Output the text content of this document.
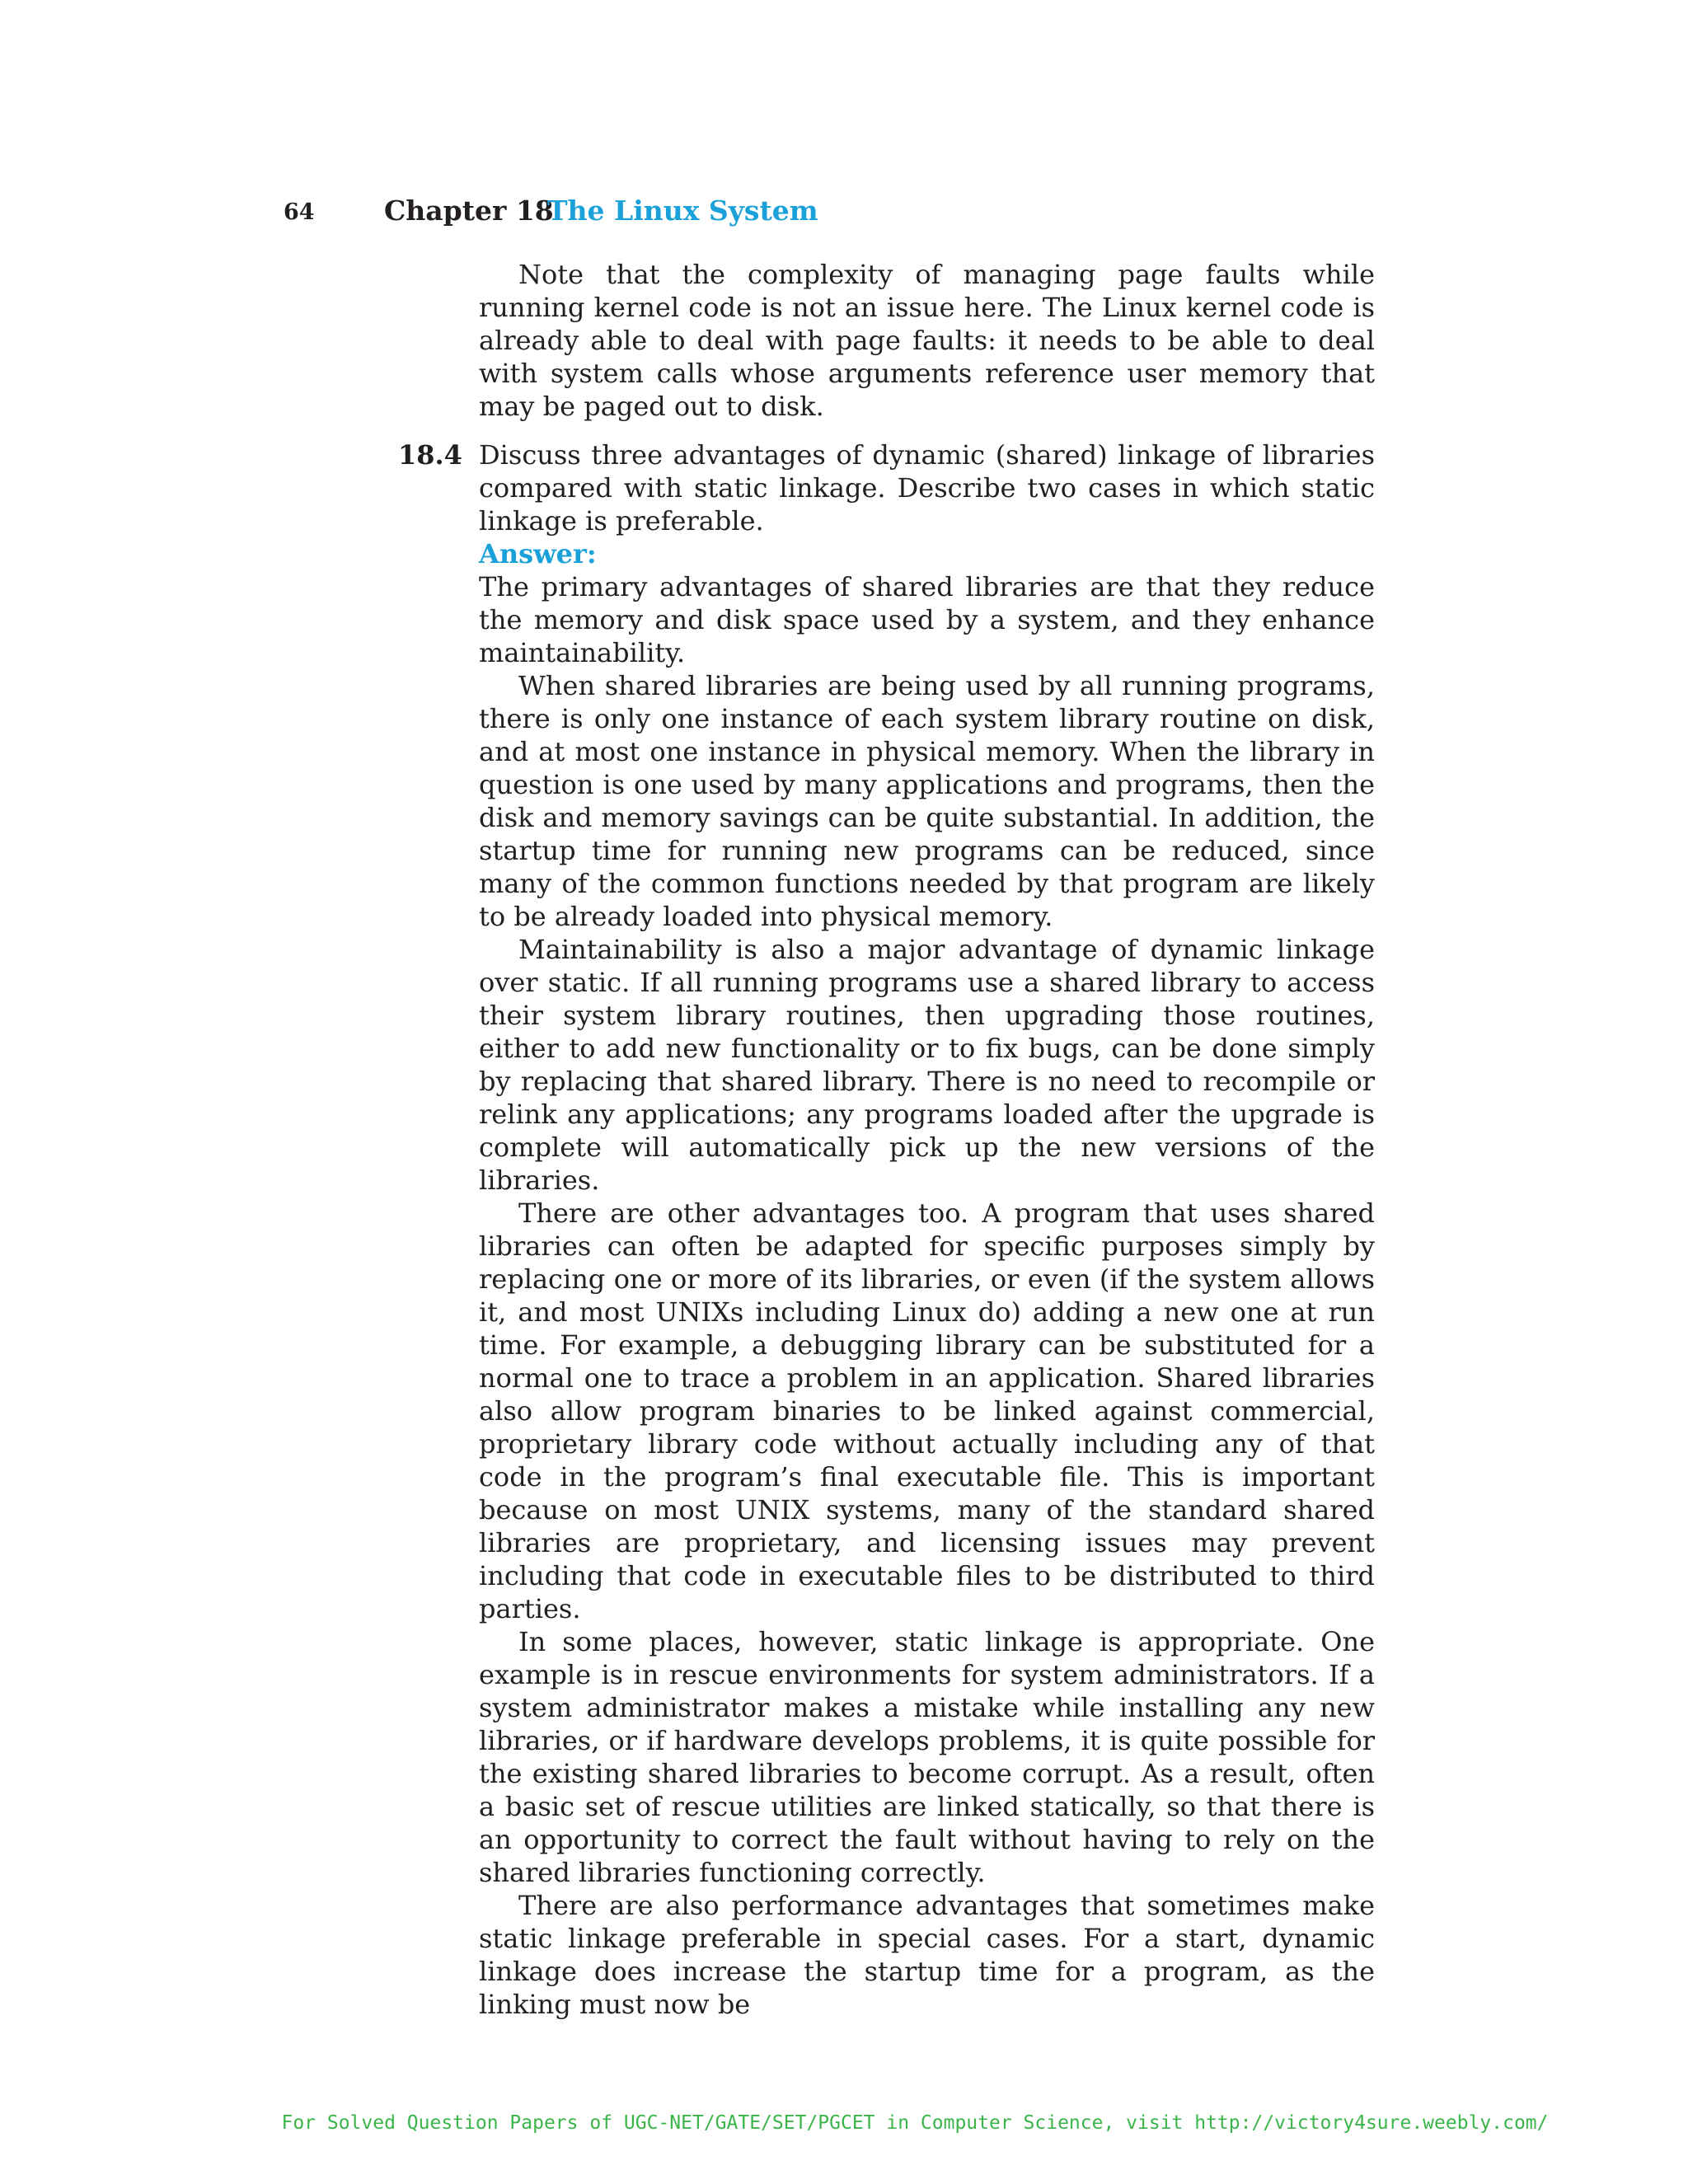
64	Chapter 18
The Linux System

Note that the complexity of managing page faults while running kernel code is not an issue here. The Linux kernel code is already able to deal with page faults: it needs to be able to deal with system calls whose arguments reference user memory that may be paged out to disk.

18.4 Discuss three advantages of dynamic (shared) linkage of libraries compared with static linkage. Describe two cases in which static linkage is preferable.

Answer:

The primary advantages of shared libraries are that they reduce the memory and disk space used by a system, and they enhance maintainability.

When shared libraries are being used by all running programs, there is only one instance of each system library routine on disk, and at most one instance in physical memory. When the library in question is one used by many applications and programs, then the disk and memory savings can be quite substantial. In addition, the startup time for running new programs can be reduced, since many of the common functions needed by that program are likely to be already loaded into physical memory.

Maintainability is also a major advantage of dynamic linkage over static. If all running programs use a shared library to access their system library routines, then upgrading those routines, either to add new functionality or to fix bugs, can be done simply by replacing that shared library. There is no need to recompile or relink any applications; any programs loaded after the upgrade is complete will automatically pick up the new versions of the libraries.

There are other advantages too. A program that uses shared libraries can often be adapted for specific purposes simply by replacing one or more of its libraries, or even (if the system allows it, and most UNIXs including Linux do) adding a new one at run time. For example, a debugging library can be substituted for a normal one to trace a problem in an application. Shared libraries also allow program binaries to be linked against commercial, proprietary library code without actually including any of that code in the program’s final executable file. This is important because on most UNIX systems, many of the standard shared libraries are proprietary, and licensing issues may prevent including that code in executable files to be distributed to third parties.

In some places, however, static linkage is appropriate. One example is in rescue environments for system administrators. If a system administrator makes a mistake while installing any new libraries, or if hardware develops problems, it is quite possible for the existing shared libraries to become corrupt. As a result, often a basic set of rescue utilities are linked statically, so that there is an opportunity to correct the fault without having to rely on the shared libraries functioning correctly.

There are also performance advantages that sometimes make static linkage preferable in special cases. For a start, dynamic linkage does increase the startup time for a program, as the linking must now be

For Solved Question Papers of UGC-NET/GATE/SET/PGCET in Computer Science, visit http://victory4sure.weebly.com/
